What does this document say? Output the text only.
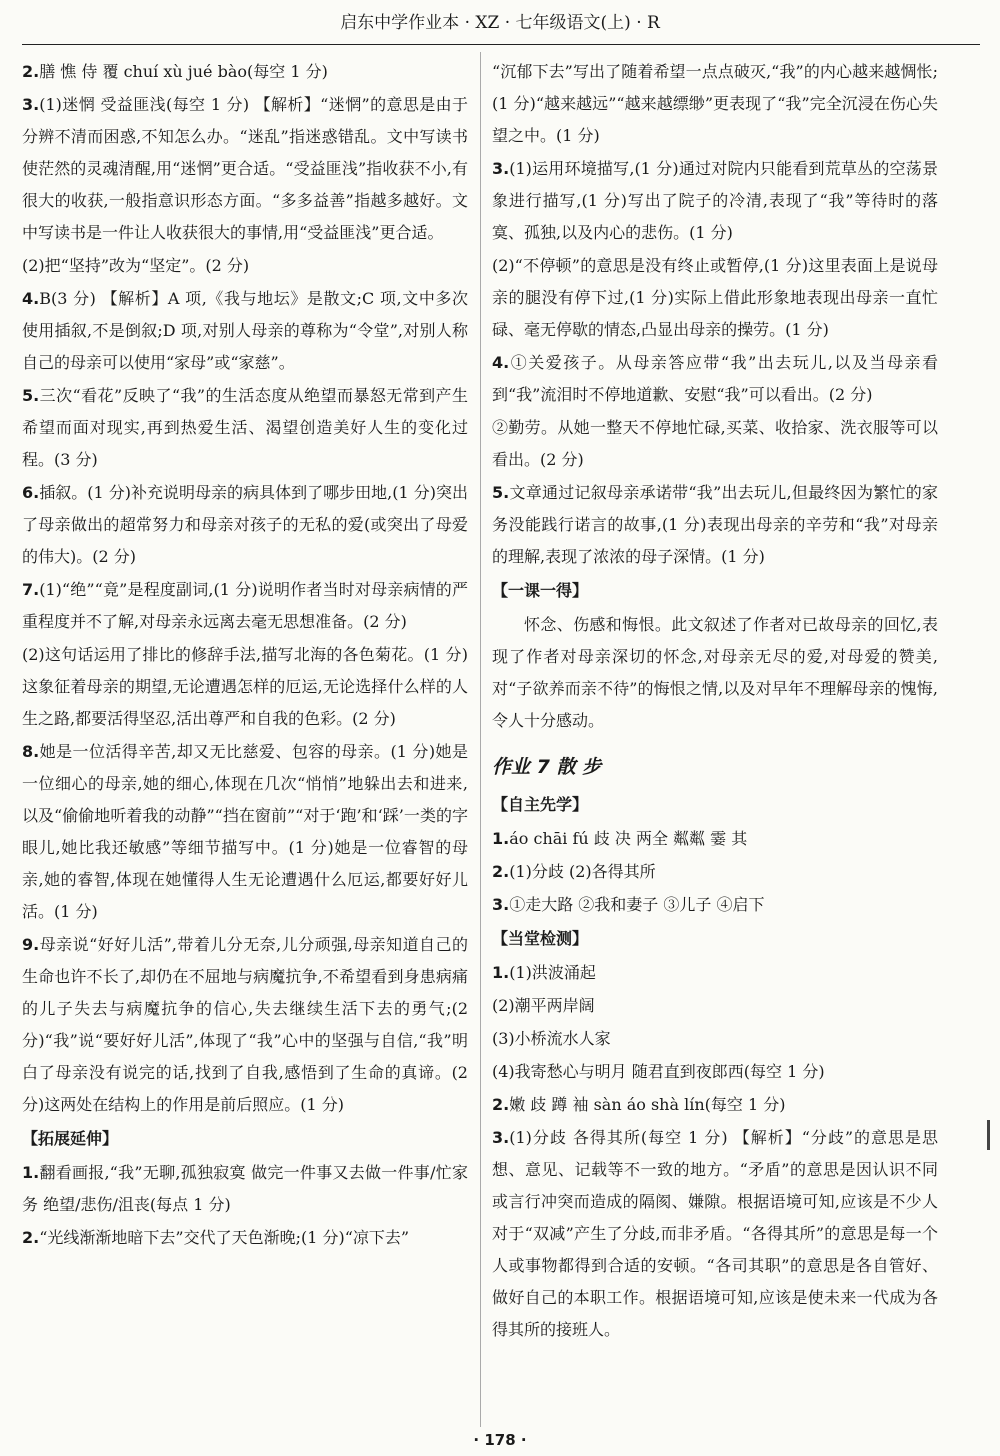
启东中学作业本 · XZ · 七年级语文(上) · R
2.膳 憔 侍 覆 chuí xù jué bào(每空 1 分)
3.(1)迷惘 受益匪浅(每空 1 分) 【解析】“迷惘”的意思是由于分辨不清而困惑,不知怎么办。“迷乱”指迷惑错乱。文中写读书使茫然的灵魂清醒,用“迷惘”更合适。“受益匪浅”指收获不小,有很大的收获,一般指意识形态方面。“多多益善”指越多越好。文中写读书是一件让人收获很大的事情,用“受益匪浅”更合适。
(2)把“坚持”改为“坚定”。(2 分)
4.B(3 分) 【解析】A 项,《我与地坛》是散文;C 项,文中多次使用插叙,不是倒叙;D 项,对别人母亲的尊称为“令堂”,对别人称自己的母亲可以使用“家母”或“家慈”。
5.三次“看花”反映了“我”的生活态度从绝望而暴怒无常到产生希望而面对现实,再到热爱生活、渴望创造美好人生的变化过程。(3 分)
6.插叙。(1 分)补充说明母亲的病具体到了哪步田地,(1 分)突出了母亲做出的超常努力和母亲对孩子的无私的爱(或突出了母爱的伟大)。(2 分)
7.(1)“绝”“竟”是程度副词,(1 分)说明作者当时对母亲病情的严重程度并不了解,对母亲永远离去毫无思想准备。(2 分)
(2)这句话运用了排比的修辞手法,描写北海的各色菊花。(1 分)这象征着母亲的期望,无论遭遇怎样的厄运,无论选择什么样的人生之路,都要活得坚忍,活出尊严和自我的色彩。(2 分)
8.她是一位活得辛苦,却又无比慈爱、包容的母亲。(1 分)她是一位细心的母亲,她的细心,体现在几次“悄悄”地躲出去和进来,以及“偷偷地听着我的动静”“挡在窗前”“对于‘跑’和‘踩’一类的字眼儿,她比我还敏感”等细节描写中。(1 分)她是一位睿智的母亲,她的睿智,体现在她懂得人生无论遭遇什么厄运,都要好好儿活。(1 分)
9.母亲说“好好儿活”,带着儿分无奈,儿分顽强,母亲知道自己的生命也许不长了,却仍在不屈地与病魔抗争,不希望看到身患病痛的儿子失去与病魔抗争的信心,失去继续生活下去的勇气;(2 分)“我”说“要好好儿活”,体现了“我”心中的坚强与自信,“我”明白了母亲没有说完的话,找到了自我,感悟到了生命的真谛。(2 分)这两处在结构上的作用是前后照应。(1 分)
【拓展延伸】
1.翻看画报,“我”无聊,孤独寂寞 做完一件事又去做一件事/忙家务 绝望/悲伤/沮丧(每点 1 分)
2.“光线渐渐地暗下去”交代了天色渐晚;(1 分)“凉下去”
“沉郁下去”写出了随着希望一点点破灭,“我”的内心越来越惆怅;(1 分)“越来越远”“越来越缥缈”更表现了“我”完全沉浸在伤心失望之中。(1 分)
3.(1)运用环境描写,(1 分)通过对院内只能看到荒草丛的空荡景象进行描写,(1 分)写出了院子的冷清,表现了“我”等待时的落寞、孤独,以及内心的悲伤。(1 分)
(2)“不停顿”的意思是没有终止或暂停,(1 分)这里表面上是说母亲的腿没有停下过,(1 分)实际上借此形象地表现出母亲一直忙碌、毫无停歇的情态,凸显出母亲的操劳。(1 分)
4.①关爱孩子。从母亲答应带“我”出去玩儿,以及当母亲看到“我”流泪时不停地道歉、安慰“我”可以看出。(2 分)
②勤劳。从她一整天不停地忙碌,买菜、收拾家、洗衣服等可以看出。(2 分)
5.文章通过记叙母亲承诺带“我”出去玩儿,但最终因为繁忙的家务没能践行诺言的故事,(1 分)表现出母亲的辛劳和“我”对母亲的理解,表现了浓浓的母子深情。(1 分)
【一课一得】
怀念、伤感和悔恨。此文叙述了作者对已故母亲的回忆,表现了作者对母亲深切的怀念,对母亲无尽的爱,对母爱的赞美,对“子欲养而亲不待”的悔恨之情,以及对早年不理解母亲的愧悔,令人十分感动。
作业 7 散 步
【自主先学】
1.áo chāi fú 歧 决 两全 粼粼 霎 其
2.(1)分歧 (2)各得其所
3.①走大路 ②我和妻子 ③儿子 ④启下
【当堂检测】
1.(1)洪波涌起
(2)潮平两岸阔
(3)小桥流水人家
(4)我寄愁心与明月 随君直到夜郎西(每空 1 分)
2.嫩 歧 蹲 袖 sàn áo shà lín(每空 1 分)
3.(1)分歧 各得其所(每空 1 分) 【解析】“分歧”的意思是思想、意见、记载等不一致的地方。“矛盾”的意思是因认识不同或言行冲突而造成的隔阂、嫌隙。根据语境可知,应该是不少人对于“双减”产生了分歧,而非矛盾。“各得其所”的意思是每一个人或事物都得到合适的安顿。“各司其职”的意思是各自管好、做好自己的本职工作。根据语境可知,应该是使未来一代成为各得其所的接班人。
· 178 ·
